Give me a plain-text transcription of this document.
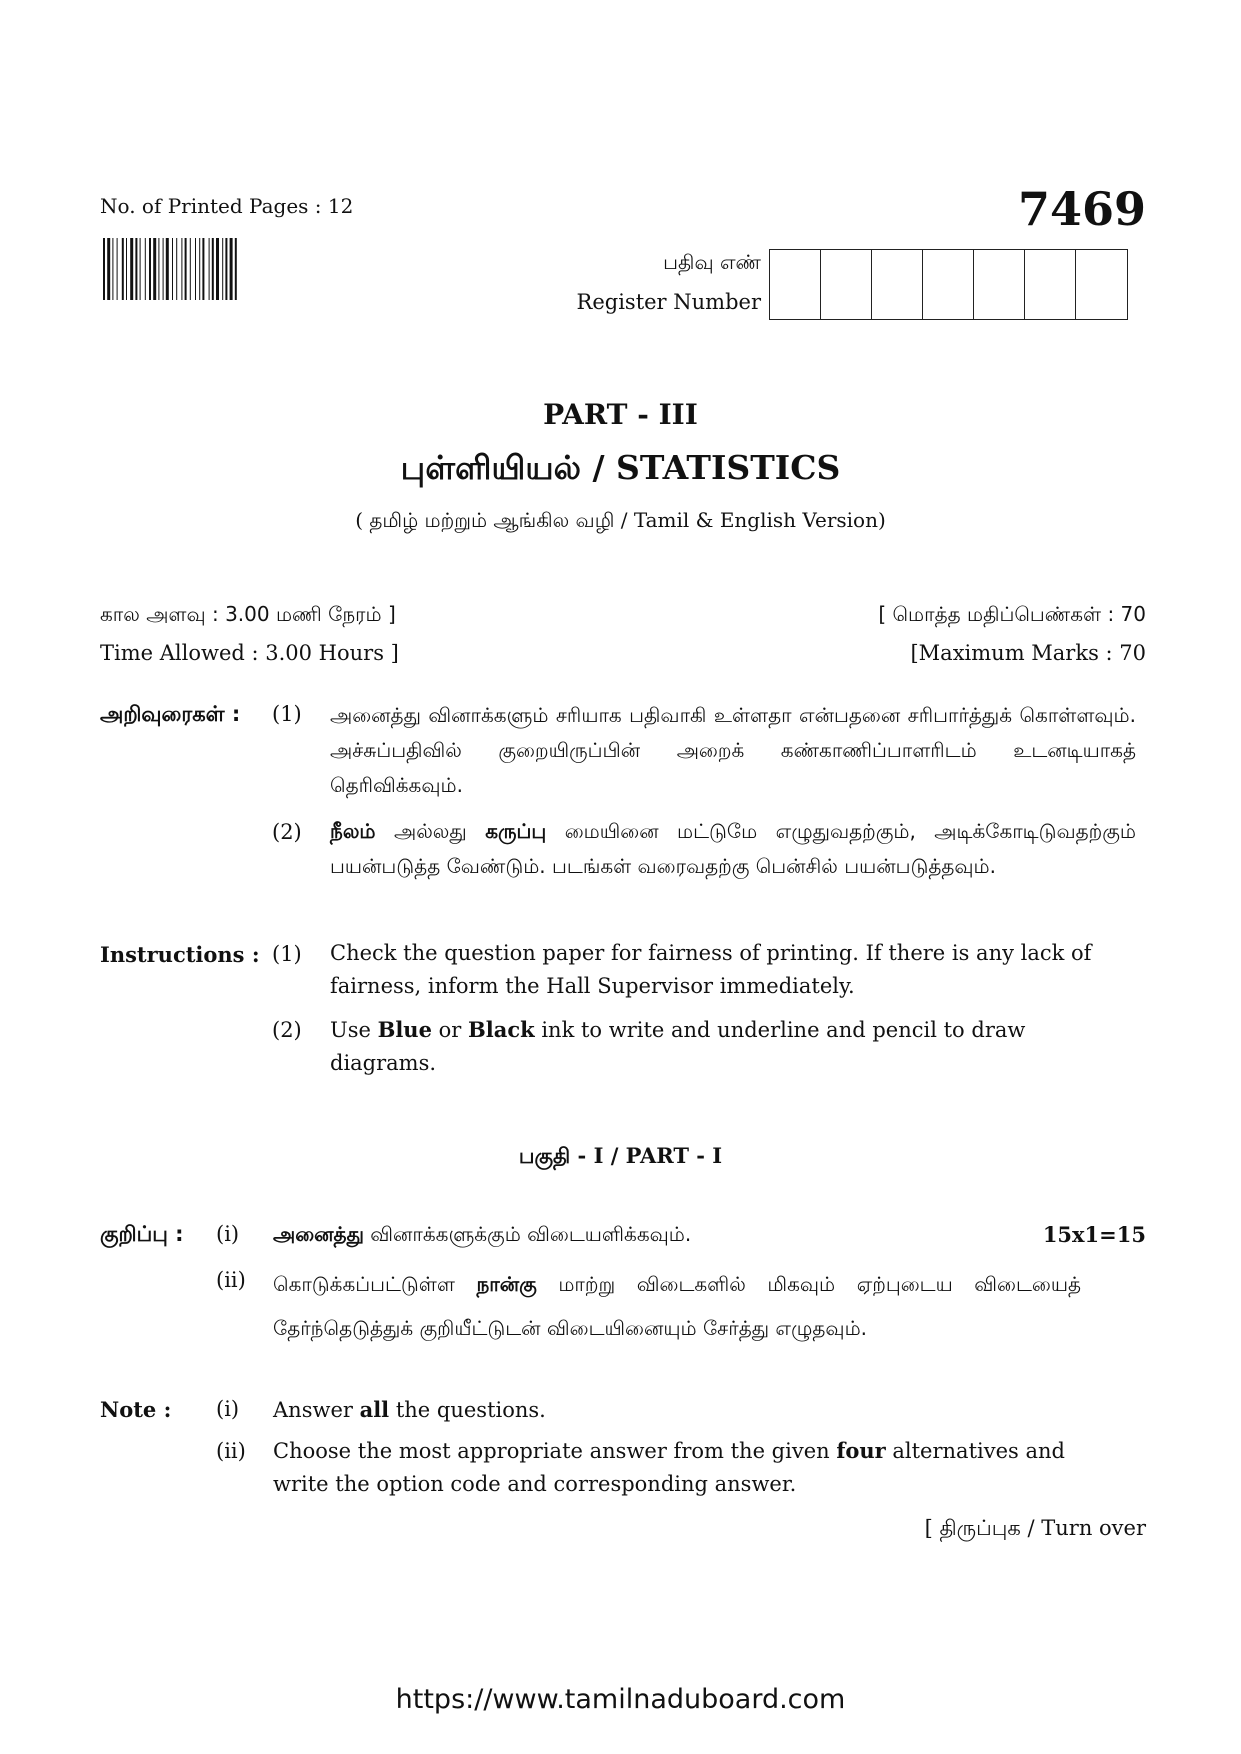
No. of Printed Pages : 12	7469
பதிவு எண்
Register Number
PART - III
புள்ளியியல் / STATISTICS
( தமிழ் மற்றும் ஆங்கில வழி / Tamil & English Version)
கால அளவு : 3.00 மணி நேரம் ]	[ மொத்த மதிப்பெண்கள் : 70
Time Allowed : 3.00 Hours ]	[Maximum Marks : 70
அறிவுரைகள் : (1) அனைத்து வினாக்களும் சரியாக பதிவாகி உள்ளதா என்பதனை சரிபார்த்துக் கொள்ளவும். அச்சுப்பதிவில் குறையிருப்பின் அறைக் கண்காணிப்பாளரிடம் உடனடியாகத் தெரிவிக்கவும்.
(2) நீலம் அல்லது கருப்பு மையினை மட்டுமே எழுதுவதற்கும், அடிக்கோடிடுவதற்கும் பயன்படுத்த வேண்டும். படங்கள் வரைவதற்கு பென்சில் பயன்படுத்தவும்.
Instructions : (1) Check the question paper for fairness of printing. If there is any lack of fairness, inform the Hall Supervisor immediately.
(2) Use Blue or Black ink to write and underline and pencil to draw diagrams.
பகுதி - I / PART - I
குறிப்பு : (i) அனைத்து வினாக்களுக்கும் விடையளிக்கவும்.	15x1=15
(ii) கொடுக்கப்பட்டுள்ள நான்கு மாற்று விடைகளில் மிகவும் ஏற்புடைய விடையைத் தேர்ந்தெடுத்துக் குறியீட்டுடன் விடையினையும் சேர்த்து எழுதவும்.
Note : (i) Answer all the questions.
(ii) Choose the most appropriate answer from the given four alternatives and write the option code and corresponding answer.
[ திருப்புக / Turn over
https://www.tamilnaduboard.com
